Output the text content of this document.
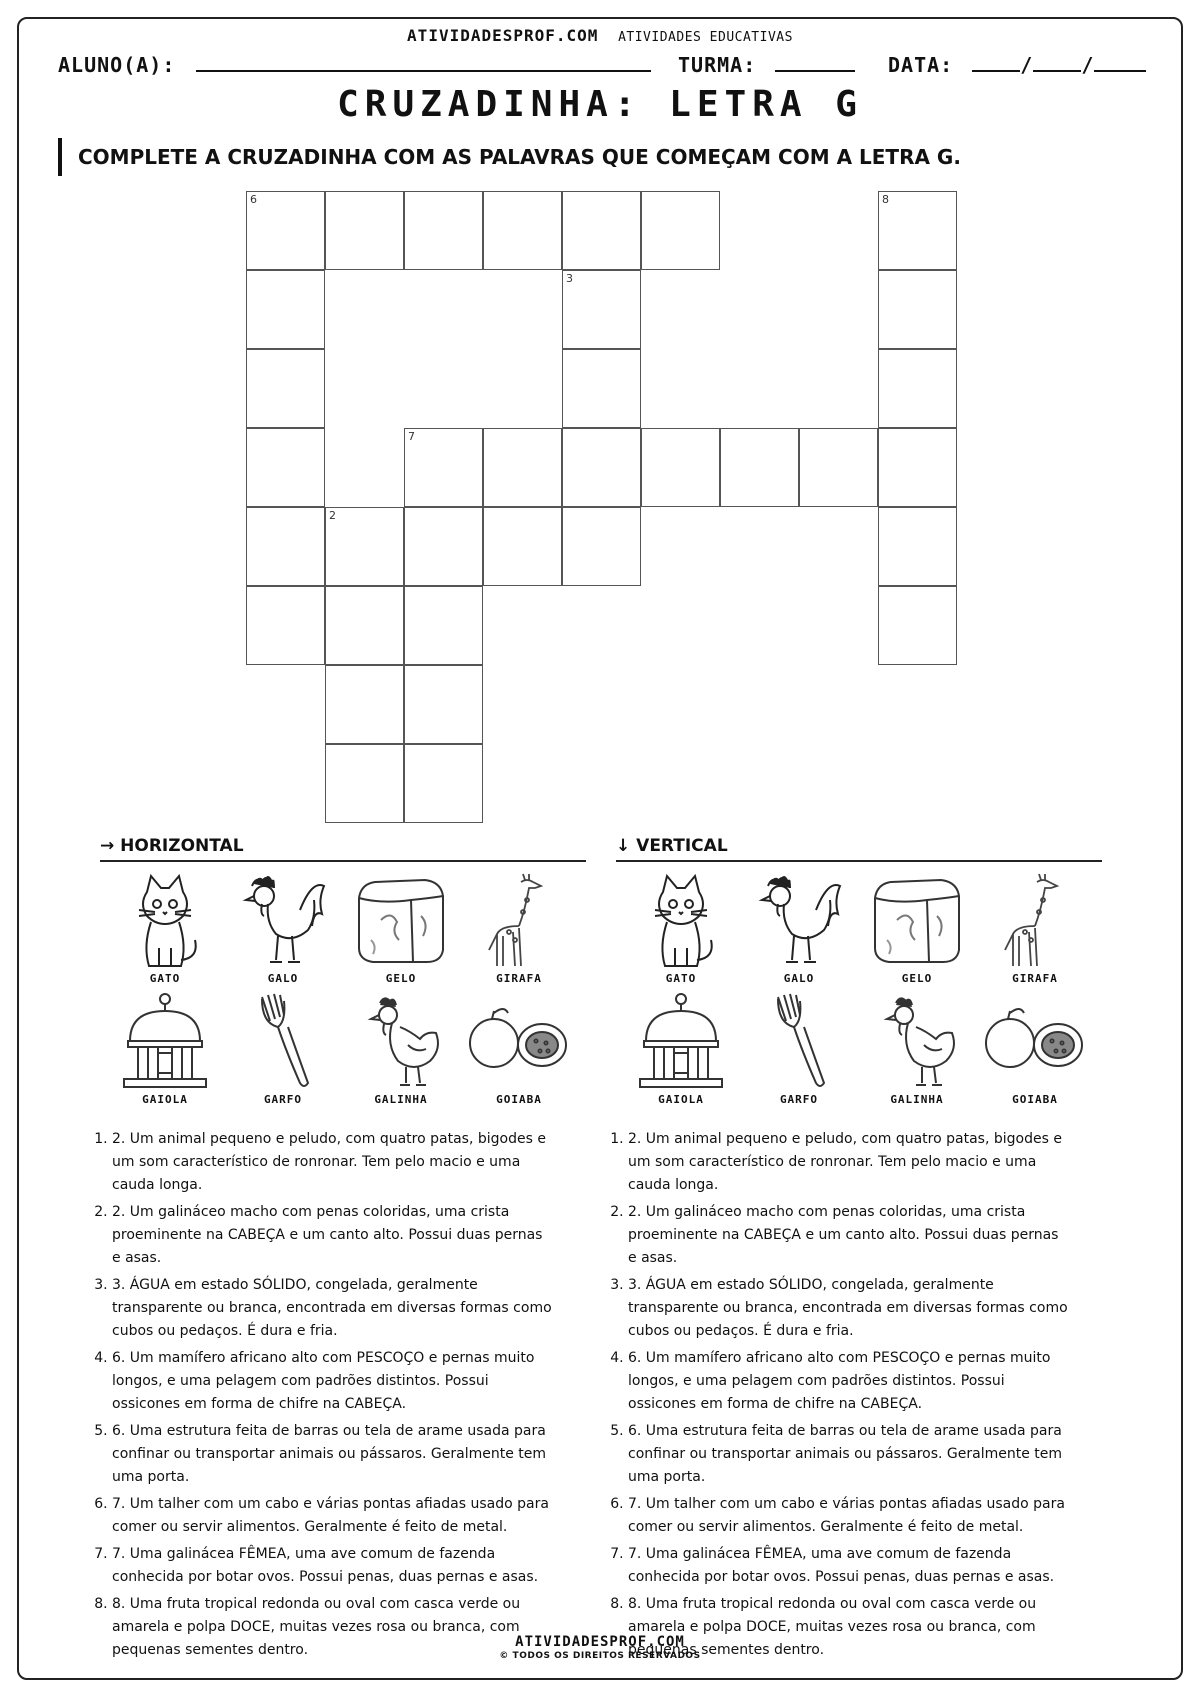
ATIVIDADESPROF.COM ATIVIDADES EDUCATIVAS
ALUNO(A):	TURMA:	DATA:	/ /
CRUZADINHA: LETRA G
COMPLETE A CRUZADINHA COM AS PALAVRAS QUE COMEÇAM COM A LETRA G.
6	8
3
7
2
→ HORIZONTAL
GATO	GALO	GELO	GIRAFA
GAIOLA	GARFO	GALINHA	GOIABA
1. 2. Um animal pequeno e peludo, com quatro patas, bigodes e um som característico de ronronar. Tem pelo macio e uma cauda longa.
2. 2. Um galináceo macho com penas coloridas, uma crista proeminente na CABEÇA e um canto alto. Possui duas pernas e asas.
3. 3. ÁGUA em estado SÓLIDO, congelada, geralmente transparente ou branca, encontrada em diversas formas como cubos ou pedaços. É dura e fria.
4. 6. Um mamífero africano alto com PESCOÇO e pernas muito longos, e uma pelagem com padrões distintos. Possui ossicones em forma de chifre na CABEÇA.
5. 6. Uma estrutura feita de barras ou tela de arame usada para confinar ou transportar animais ou pássaros. Geralmente tem uma porta.
6. 7. Um talher com um cabo e várias pontas afiadas usado para comer ou servir alimentos. Geralmente é feito de metal.
7. 7. Uma galinácea FÊMEA, uma ave comum de fazenda conhecida por botar ovos. Possui penas, duas pernas e asas.
8. 8. Uma fruta tropical redonda ou oval com casca verde ou amarela e polpa DOCE, muitas vezes rosa ou branca, com pequenas sementes dentro.
↓ VERTICAL
GATO	GALO	GELO	GIRAFA
GAIOLA	GARFO	GALINHA	GOIABA
1. 2. Um animal pequeno e peludo, com quatro patas, bigodes e um som característico de ronronar. Tem pelo macio e uma cauda longa.
2. 2. Um galináceo macho com penas coloridas, uma crista proeminente na CABEÇA e um canto alto. Possui duas pernas e asas.
3. 3. ÁGUA em estado SÓLIDO, congelada, geralmente transparente ou branca, encontrada em diversas formas como cubos ou pedaços. É dura e fria.
4. 6. Um mamífero africano alto com PESCOÇO e pernas muito longos, e uma pelagem com padrões distintos. Possui ossicones em forma de chifre na CABEÇA.
5. 6. Uma estrutura feita de barras ou tela de arame usada para confinar ou transportar animais ou pássaros. Geralmente tem uma porta.
6. 7. Um talher com um cabo e várias pontas afiadas usado para comer ou servir alimentos. Geralmente é feito de metal.
7. 7. Uma galinácea FÊMEA, uma ave comum de fazenda conhecida por botar ovos. Possui penas, duas pernas e asas.
8. 8. Uma fruta tropical redonda ou oval com casca verde ou amarela e polpa DOCE, muitas vezes rosa ou branca, com pequenas sementes dentro.
ATIVIDADESPROF.COM
© TODOS OS DIREITOS RESERVADOS
